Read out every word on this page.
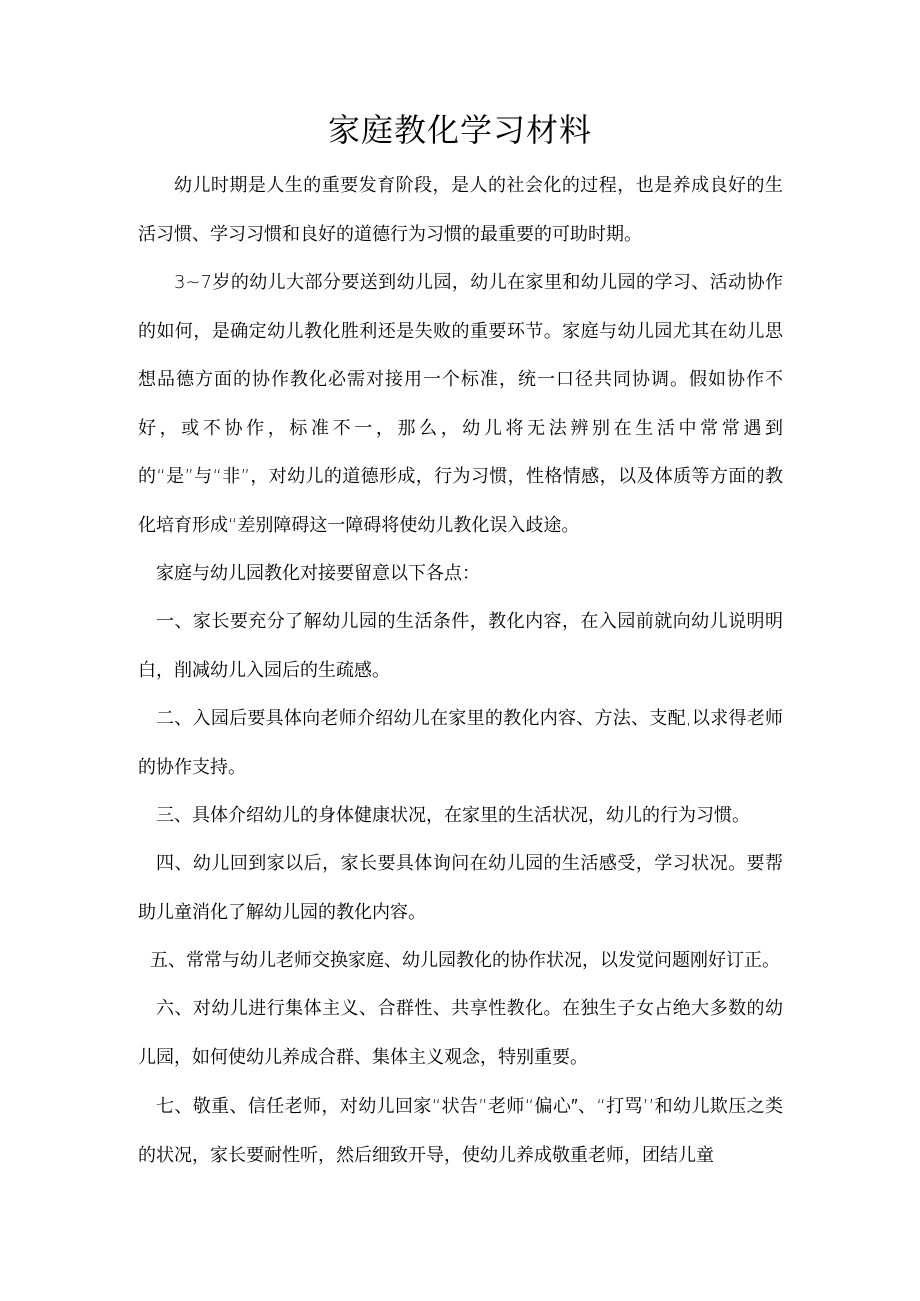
家庭教化学习材料

幼儿时期是人生的重要发育阶段，是人的社会化的过程，也是养成良好的生活习惯、学习习惯和良好的道德行为习惯的最重要的可助时期。

3~7岁的幼儿大部分要送到幼儿园，幼儿在家里和幼儿园的学习、活动协作的如何，是确定幼儿教化胜利还是失败的重要环节。家庭与幼儿园尤其在幼儿思想品德方面的协作教化必需对接用一个标准，统一口径共同协调。假如协作不好，或不协作，标准不一，那么，幼儿将无法辨别在生活中常常遇到的“是”与“非”，对幼儿的道德形成，行为习惯，性格情感，以及体质等方面的教化培育形成“差别障碍这一障碍将使幼儿教化误入歧途。

家庭与幼儿园教化对接要留意以下各点：

一、家长要充分了解幼儿园的生活条件，教化内容，在入园前就向幼儿说明明白，削减幼儿入园后的生疏感。

二、入园后要具体向老师介绍幼儿在家里的教化内容、方法、支配,以求得老师的协作支持。

三、具体介绍幼儿的身体健康状况，在家里的生活状况，幼儿的行为习惯。

四、幼儿回到家以后，家长要具体询问在幼儿园的生活感受，学习状况。要帮助儿童消化了解幼儿园的教化内容。

五、常常与幼儿老师交换家庭、幼儿园教化的协作状况，以发觉问题刚好订正。

六、对幼儿进行集体主义、合群性、共享性教化。在独生子女占绝大多数的幼儿园，如何使幼儿养成合群、集体主义观念，特别重要。

七、敬重、信任老师，对幼儿回家“状告”老师“偏心″、“打骂’’和幼儿欺压之类的状况，家长要耐性听，然后细致开导，使幼儿养成敬重老师，团结儿童
